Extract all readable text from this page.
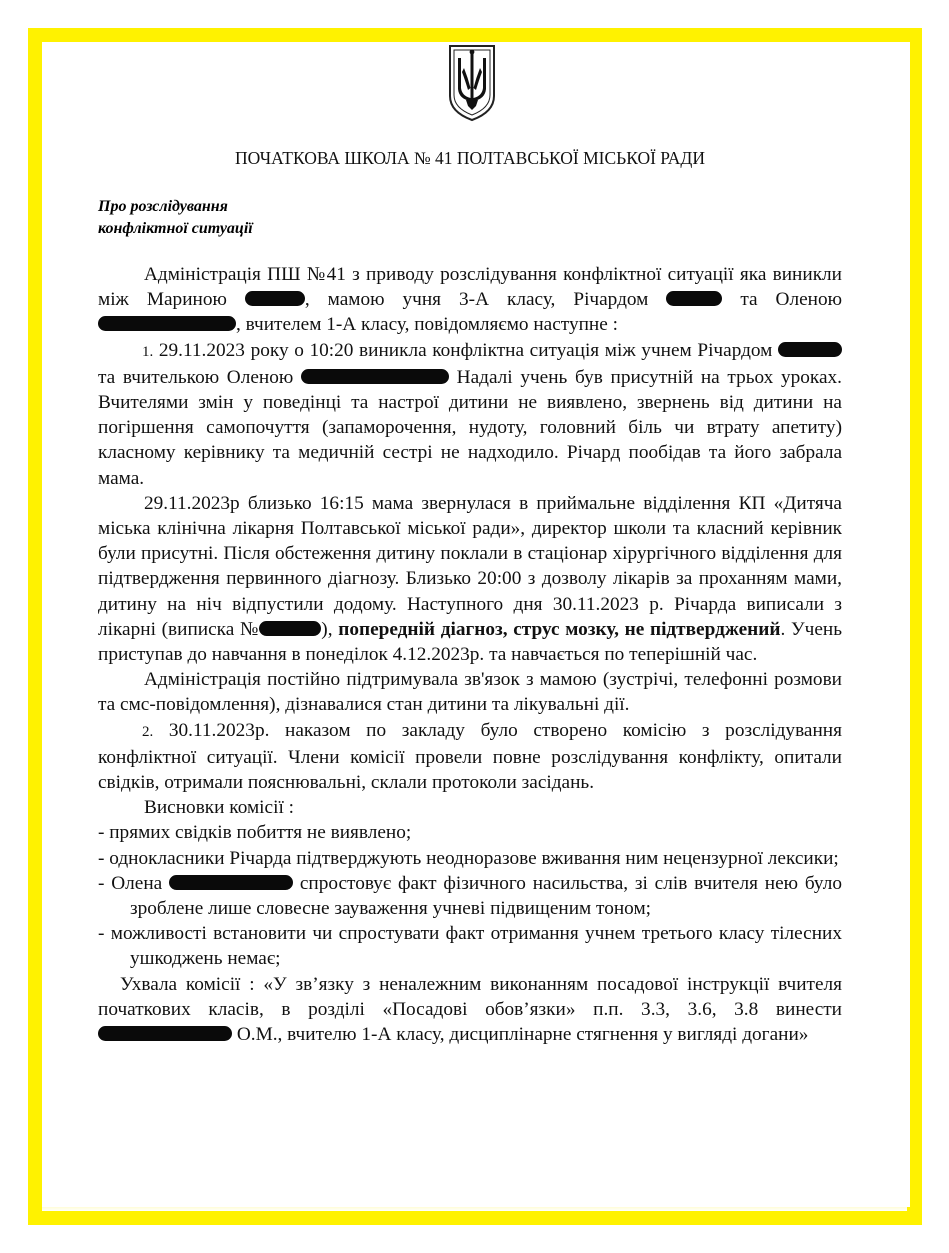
ПОЧАТКОВА ШКОЛА № 41 ПОЛТАВСЬКОЇ МІСЬКОЇ РАДИ
Про розслідування
конфліктної ситуації

Адміністрація ПШ №41 з приводу розслідування конфліктної ситуації яка виникли між Мариною	, мамою учня 3-А класу, Річардом	та Оленою , вчителем 1-А класу, повідомляємо наступне :

1. 29.11.2023 року о 10:20 виникла конфліктна ситуація між учнем Річардом  та вчителькою Оленою	Надалі учень був присутній на трьох уроках. Вчителями змін у поведінці та настрої дитини не виявлено, звернень від дитини на погіршення самопочуття (запаморочення, нудоту, головний біль чи втрату апетиту) класному керівнику та медичній сестрі не надходило. Річард пообідав та його забрала мама.

29.11.2023р близько 16:15 мама звернулася в приймальне відділення КП «Дитяча міська клінічна лікарня Полтавської міської ради», директор школи та класний керівник були присутні. Після обстеження дитину поклали в стаціонар хірургічного відділення для підтвердження первинного діагнозу. Близько 20:00 з дозволу лікарів за проханням мами, дитину на ніч відпустили додому. Наступного дня 30.11.2023 р. Річарда виписали з лікарні (виписка №	), попередній діагноз, струс мозку, не підтверджений. Учень приступав до навчання в понеділок 4.12.2023р. та навчається по теперішній час.

Адміністрація постійно підтримувала зв'язок з мамою (зустрічі, телефонні розмови та смс-повідомлення), дізнавалися стан дитини та лікувальні дії.

2. 30.11.2023р. наказом по закладу було створено комісію з розслідування конфліктної ситуації. Члени комісії провели повне розслідування конфлікту, опитали свідків, отримали пояснювальні, склали протоколи засідань.

Висновки комісії :

- прямих свідків побиття не виявлено;

- однокласники Річарда підтверджують неодноразове вживання ним нецензурної лексики;

- Олена	спростовує факт фізичного насильства, зі слів вчителя нею було зроблене лише словесне зауваження учневі підвищеним тоном;

- можливості встановити чи спростувати факт отримання учнем третього класу тілесних ушкоджень немає;

Ухвала комісії : «У зв’язку з неналежним виконанням посадової інструкції вчителя початкових класів, в розділі «Посадові обов’язки» п.п. 3.3, 3.6, 3.8 винести  О.М., вчителю 1-А класу, дисциплінарне стягнення у вигляді догани»
